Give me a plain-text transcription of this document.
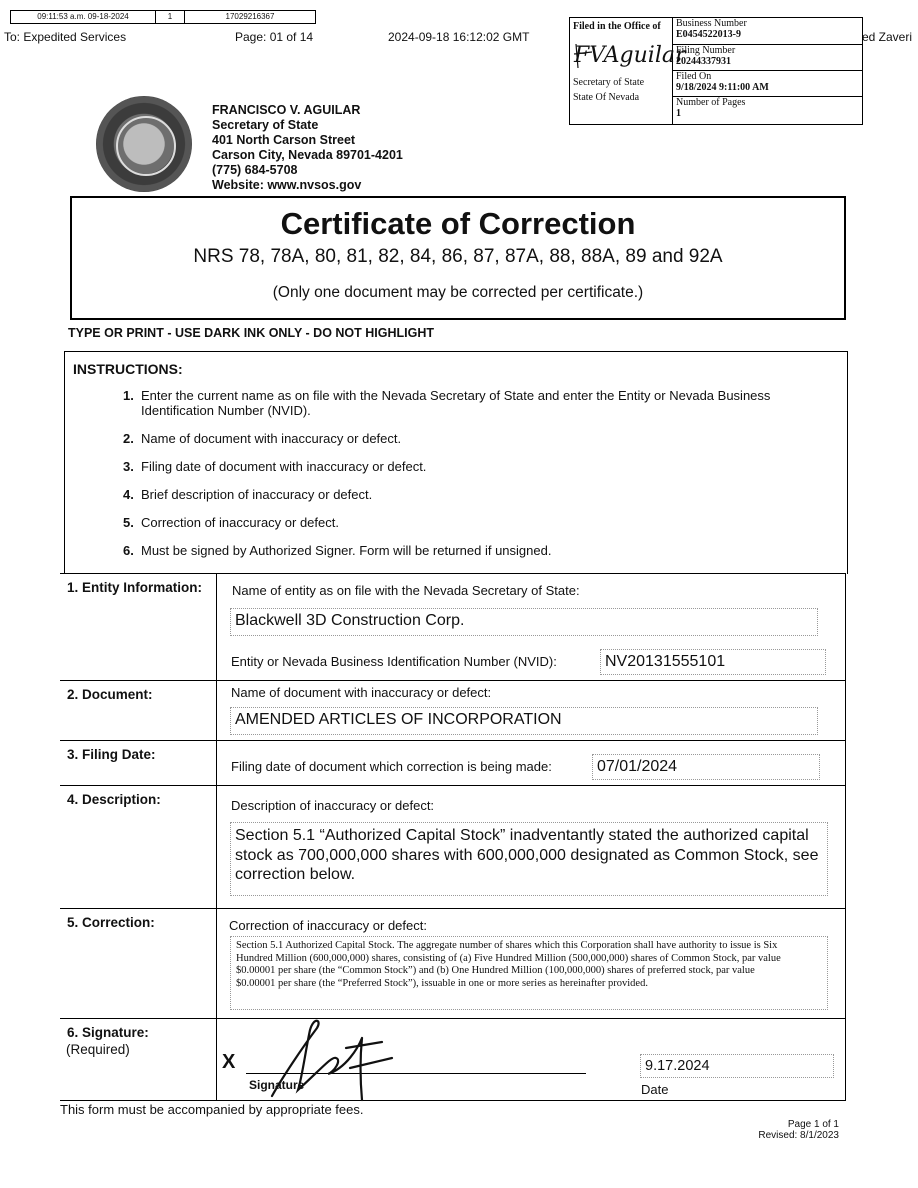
09:11:53 a.m. 09-18-2024	1	17029216367
To: Expedited Services	Page: 01 of 14	2024-09-18 16:12:02 GMT	ed Zaveri
Filed in the Office of
FVAguilar
Secretary of State
State Of Nevada
Business Number
E0454522013-9
Filing Number
20244337931
Filed On
9/18/2024 9:11:00 AM
Number of Pages
1
FRANCISCO V. AGUILAR
Secretary of State
401 North Carson Street
Carson City, Nevada 89701-4201
(775) 684-5708
Website: www.nvsos.gov
Certificate of Correction
NRS 78, 78A, 80, 81, 82, 84, 86, 87, 87A, 88, 88A, 89 and 92A
(Only one document may be corrected per certificate.)
TYPE OR PRINT - USE DARK INK ONLY - DO NOT HIGHLIGHT
INSTRUCTIONS:
1. Enter the current name as on file with the Nevada Secretary of State and enter the Entity or Nevada Business Identification Number (NVID).
2. Name of document with inaccuracy or defect.
3. Filing date of document with inaccuracy or defect.
4. Brief description of inaccuracy or defect.
5. Correction of inaccuracy or defect.
6. Must be signed by Authorized Signer. Form will be returned if unsigned.
1. Entity Information: Name of entity as on file with the Nevada Secretary of State:
Blackwell 3D Construction Corp.
Entity or Nevada Business Identification Number (NVID):	NV20131555101
2. Document:	Name of document with inaccuracy or defect:
AMENDED ARTICLES OF INCORPORATION
3. Filing Date:
Filing date of document which correction is being made:	07/01/2024
4. Description:	Description of inaccuracy or defect:
Section 5.1 “Authorized Capital Stock” inadventantly stated the authorized capital stock as 700,000,000 shares with 600,000,000 designated as Common Stock, see correction below.
5. Correction:	Correction of inaccuracy or defect:
Section 5.1 Authorized Capital Stock. The aggregate number of shares which this Corporation shall have authority to issue is Six Hundred Million (600,000,000) shares, consisting of (a) Five Hundred Million (500,000,000) shares of Common Stock, par value $0.00001 per share (the “Common Stock”) and (b) One Hundred Million (100,000,000) shares of preferred stock, par value $0.00001 per share (the “Preferred Stock”), issuable in one or more series as hereinafter provided.
6. Signature:
(Required)
X
Signature
9.17.2024
Date
This form must be accompanied by appropriate fees.
Page 1 of 1
Revised: 8/1/2023
